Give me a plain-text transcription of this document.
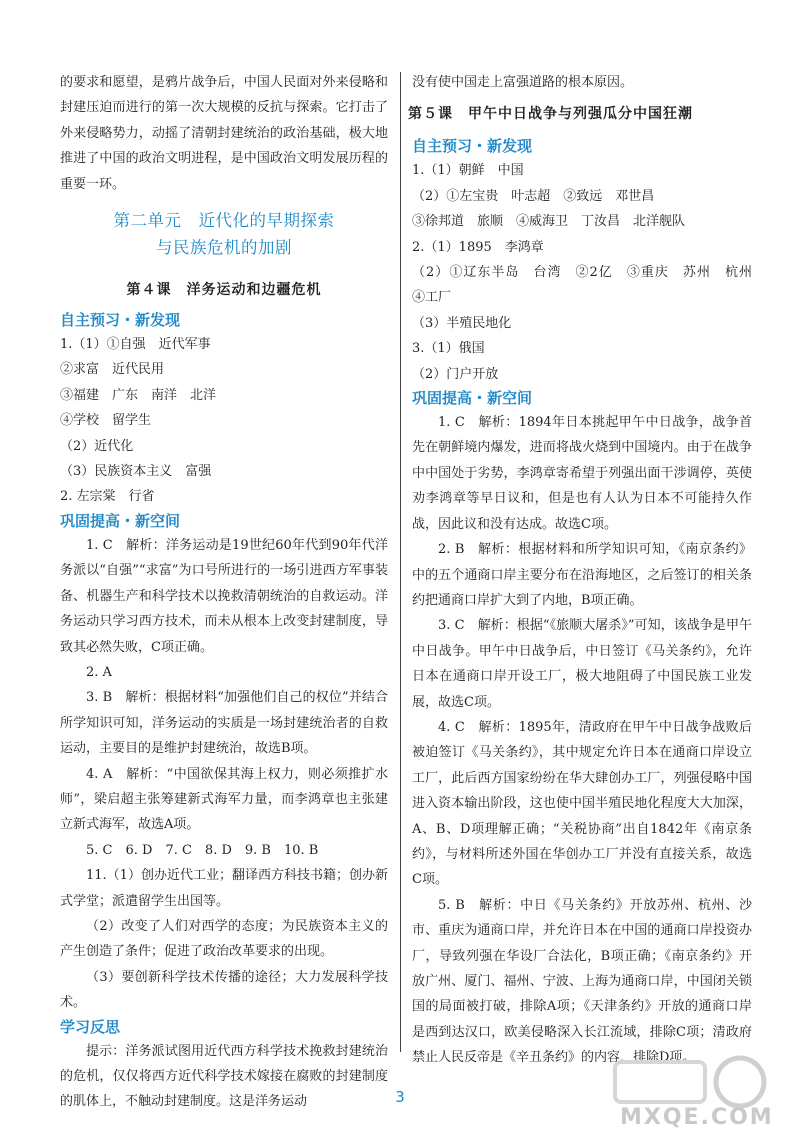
的要求和愿望，是鸦片战争后，中国人民面对外来侵略和封建压迫而进行的第一次大规模的反抗与探索。它打击了外来侵略势力，动摇了清朝封建统治的政治基础，极大地推进了中国的政治文明进程，是中国政治文明发展历程的重要一环。

第二单元　近代化的早期探索
与民族危机的加剧
第４课　洋务运动和边疆危机
自主预习・新发现

1.（1）①自强　近代军事

②求富　近代民用

③福建　广东　南洋　北洋

④学校　留学生

（2）近代化

（3）民族资本主义　富强

2. 左宗棠　行省

巩固提高・新空间

1. C　解析：洋务运动是19世纪60年代到90年代洋务派以“自强”“求富”为口号所进行的一场引进西方军事装备、机器生产和科学技术以挽救清朝统治的自救运动。洋务运动只学习西方技术，而未从根本上改变封建制度，导致其必然失败，C项正确。

2. A

3. B　解析：根据材料“加强他们自己的权位”并结合所学知识可知，洋务运动的实质是一场封建统治者的自救运动，主要目的是维护封建统治，故选B项。

4. A　解析：“中国欲保其海上权力，则必须推扩水师”，梁启超主张筹建新式海军力量，而李鸿章也主张建立新式海军，故选A项。

5. C　6. D　7. C　8. D　9. B　10. B

11.（1）创办近代工业；翻译西方科技书籍；创办新式学堂；派遣留学生出国等。

（2）改变了人们对西学的态度；为民族资本主义的产生创造了条件；促进了政治改革要求的出现。

（3）要创新科学技术传播的途径；大力发展科学技术。

学习反思

提示：洋务派试图用近代西方科学技术挽救封建统治的危机，仅仅将西方近代科学技术嫁接在腐败的封建制度的肌体上，不触动封建制度。这是洋务运动

没有使中国走上富强道路的根本原因。

第５课　甲午中日战争与列强瓜分中国狂潮
自主预习・新发现

1.（1）朝鲜　中国

（2）①左宝贵　叶志超　②致远　邓世昌

③徐邦道　旅顺　④威海卫　丁汝昌　北洋舰队

2.（1）1895　李鸿章

（2）①辽东半岛　台湾　②2亿　③重庆　苏州　杭州　④工厂

（3）半殖民地化

3.（1）俄国

（2）门户开放

巩固提高・新空间

1. C　解析：1894年日本挑起甲午中日战争，战争首先在朝鲜境内爆发，进而将战火烧到中国境内。由于在战争中中国处于劣势，李鸿章寄希望于列强出面干涉调停，英使劝李鸿章等早日议和，但是也有人认为日本不可能持久作战，因此议和没有达成。故选C项。

2. B　解析：根据材料和所学知识可知，《南京条约》中的五个通商口岸主要分布在沿海地区，之后签订的相关条约把通商口岸扩大到了内地，B项正确。

3. C　解析：根据“《旅顺大屠杀》”可知，该战争是甲午中日战争。甲午中日战争后，中日签订《马关条约》，允许日本在通商口岸开设工厂，极大地阻碍了中国民族工业发展，故选C项。

4. C　解析：1895年，清政府在甲午中日战争战败后被迫签订《马关条约》，其中规定允许日本在通商口岸设立工厂，此后西方国家纷纷在华大肆创办工厂，列强侵略中国进入资本输出阶段，这也使中国半殖民地化程度大大加深，A、B、D项理解正确；“关税协商”出自1842年《南京条约》，与材料所述外国在华创办工厂并没有直接关系，故选C项。

5. B　解析：中日《马关条约》开放苏州、杭州、沙市、重庆为通商口岸，并允许日本在中国的通商口岸投资办厂，导致列强在华设厂合法化，B项正确；《南京条约》开放广州、厦门、福州、宁波、上海为通商口岸，中国闭关锁国的局面被打破，排除A项；《天津条约》开放的通商口岸是西到达汉口，欧美侵略深入长江流域，排除C项；清政府禁止人民反帝是《辛丑条约》的内容，排除D项。

3
MXQE.COM
